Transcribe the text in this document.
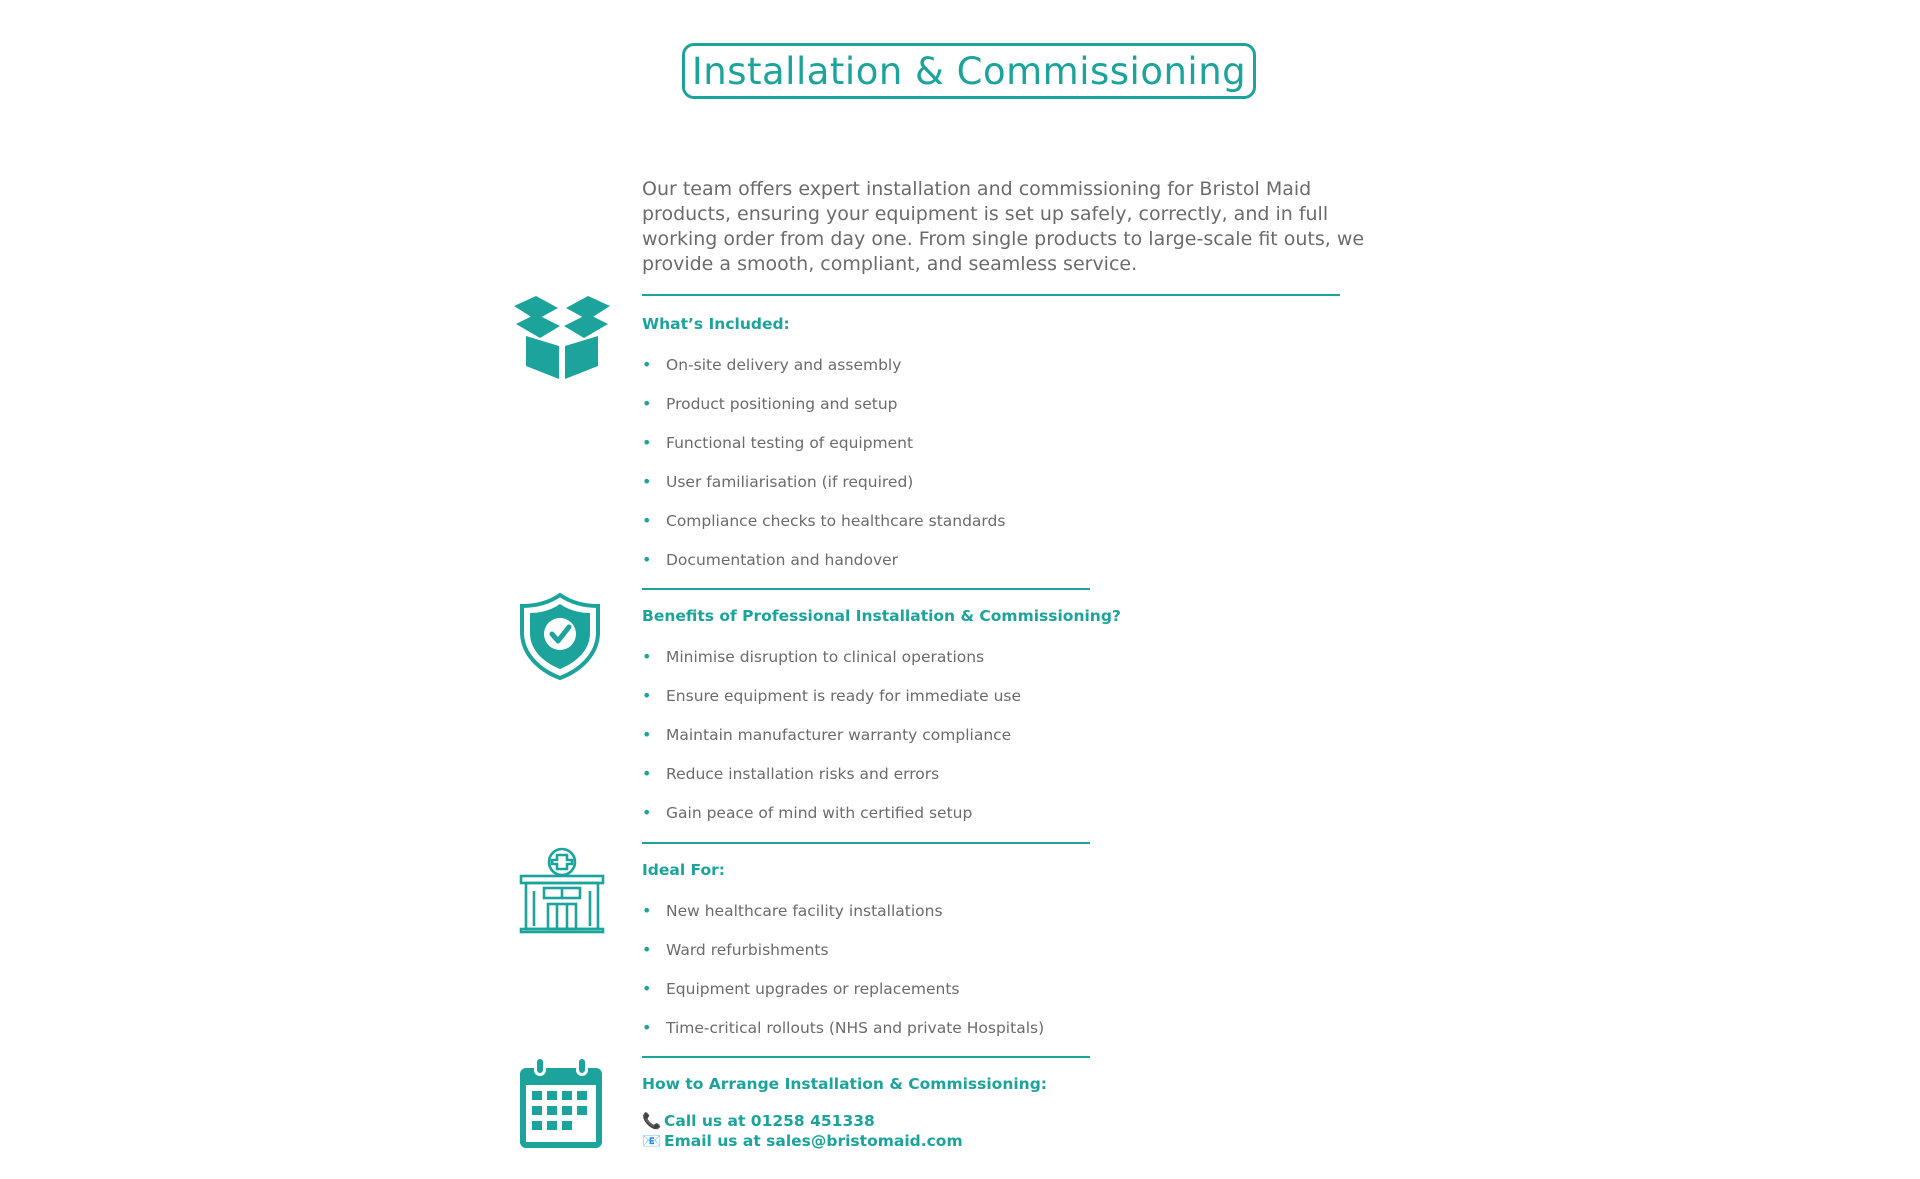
Installation & Commissioning

Our team offers expert installation and commissioning for Bristol Maid products, ensuring your equipment is set up safely, correctly, and in full working order from day one. From single products to large-scale fit outs, we provide a smooth, compliant, and seamless service.

What’s Included:
• On-site delivery and assembly
• Product positioning and setup
• Functional testing of equipment
• User familiarisation (if required)
• Compliance checks to healthcare standards
• Documentation and handover
Benefits of Professional Installation & Commissioning?
• Minimise disruption to clinical operations
• Ensure equipment is ready for immediate use
• Maintain manufacturer warranty compliance
• Reduce installation risks and errors
• Gain peace of mind with certified setup
Ideal For:
• New healthcare facility installations
• Ward refurbishments
• Equipment upgrades or replacements
• Time-critical rollouts (NHS and private Hospitals)
How to Arrange Installation & Commissioning:
📞 Call us at 01258 451338
📧 Email us at sales@bristomaid.com
